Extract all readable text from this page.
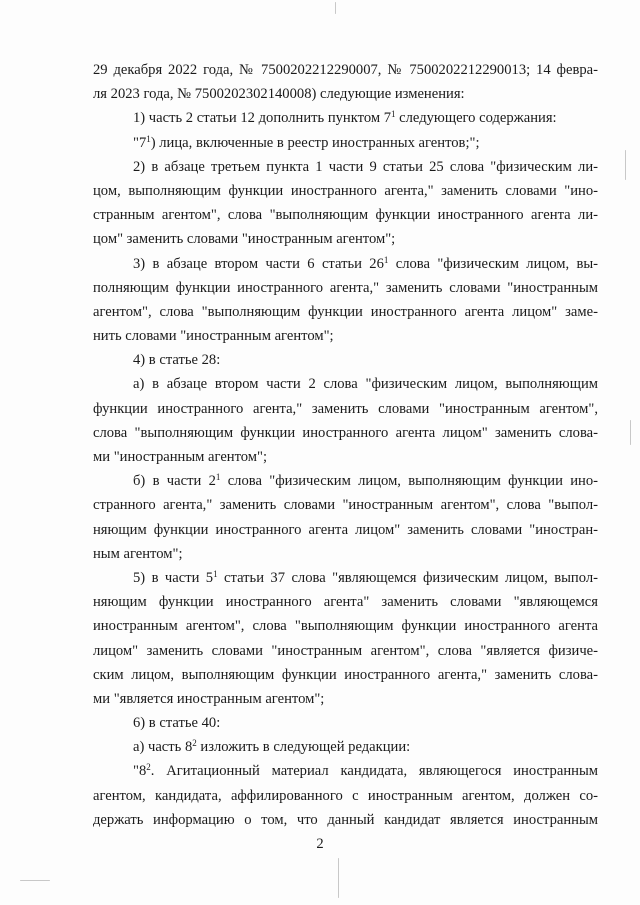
29 декабря 2022 года, № 7500202212290007, № 7500202212290013; 14 февра-
ля 2023 года, № 7500202302140008) следующие изменения:
1) часть 2 статьи 12 дополнить пунктом $7^1$ следующего содержания:
"$7^1$) лица, включенные в реестр иностранных агентов;";
2) в абзаце третьем пункта 1 части 9 статьи 25 слова "физическим ли-
цом, выполняющим функции иностранного агента," заменить словами "ино-
странным агентом", слова "выполняющим функции иностранного агента ли-
цом" заменить словами "иностранным агентом";
3) в абзаце втором части 6 статьи $26^1$ слова "физическим лицом, вы-
полняющим функции иностранного агента," заменить словами "иностранным
агентом", слова "выполняющим функции иностранного агента лицом" заме-
нить словами "иностранным агентом";
4) в статье 28:
а) в абзаце втором части 2 слова "физическим лицом, выполняющим
функции иностранного агента," заменить словами "иностранным агентом",
слова "выполняющим функции иностранного агента лицом" заменить слова-
ми "иностранным агентом";
б) в части $2^1$ слова "физическим лицом, выполняющим функции ино-
странного агента," заменить словами "иностранным агентом", слова "выпол-
няющим функции иностранного агента лицом" заменить словами "иностран-
ным агентом";
5) в части $5^1$ статьи 37 слова "являющемся физическим лицом, выпол-
няющим функции иностранного агента" заменить словами "являющемся
иностранным агентом", слова "выполняющим функции иностранного агента
лицом" заменить словами "иностранным агентом", слова "является физиче-
ским лицом, выполняющим функции иностранного агента," заменить слова-
ми "является иностранным агентом";
6) в статье 40:
а) часть $8^2$ изложить в следующей редакции:
"$8^2$. Агитационный материал кандидата, являющегося иностранным
агентом, кандидата, аффилированного с иностранным агентом, должен со-
держать информацию о том, что данный кандидат является иностранным
2
